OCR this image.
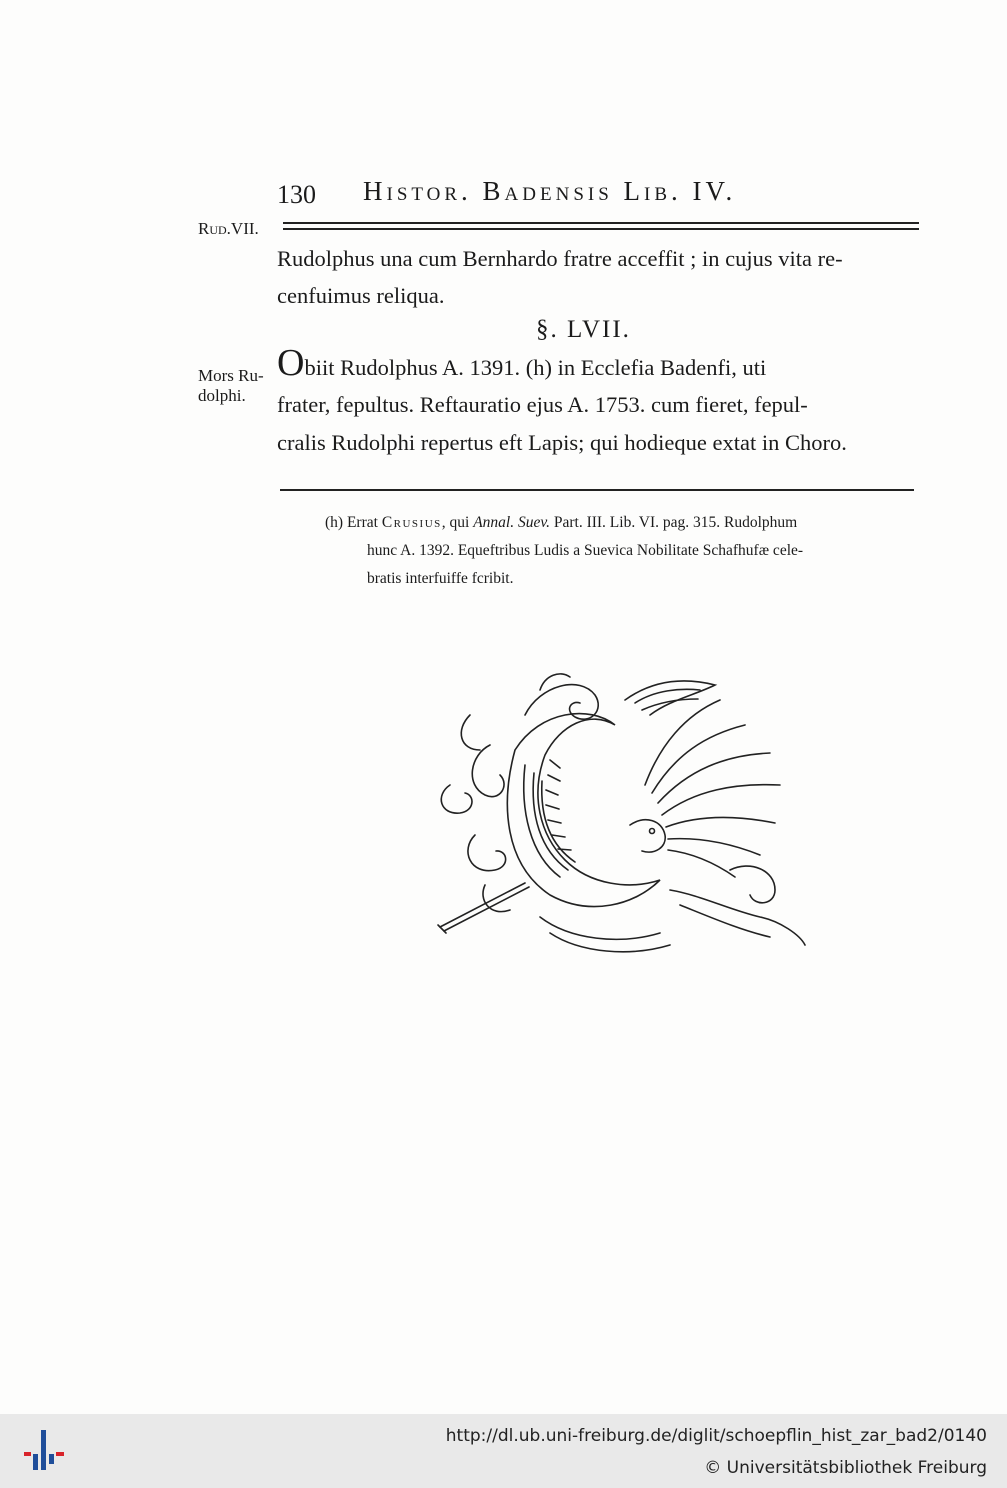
130 Histor. Badensis Lib. IV.
Rud.VII.
Mors Ru-
dolphi.
Rudolphus una cum Bernhardo fratre acceffit ; in cujus vita re-
cenfuimus reliqua.
§. LVII.
Obiit Rudolphus A. 1391. (h) in Ecclefia Badenfi, uti
frater, fepultus. Reftauratio ejus A. 1753. cum fieret, fepul-
cralis Rudolphi repertus eft Lapis; qui hodieque extat in Choro.
(h) Errat Crusius, qui Annal. Suev. Part. III. Lib. VI. pag. 315. Rudolphum
hunc A. 1392. Equeftribus Ludis a Suevica Nobilitate Schafhufæ cele-
bratis interfuiffe fcribit.
http://dl.ub.uni-freiburg.de/diglit/schoepflin_hist_zar_bad2/0140
© Universitätsbibliothek Freiburg
